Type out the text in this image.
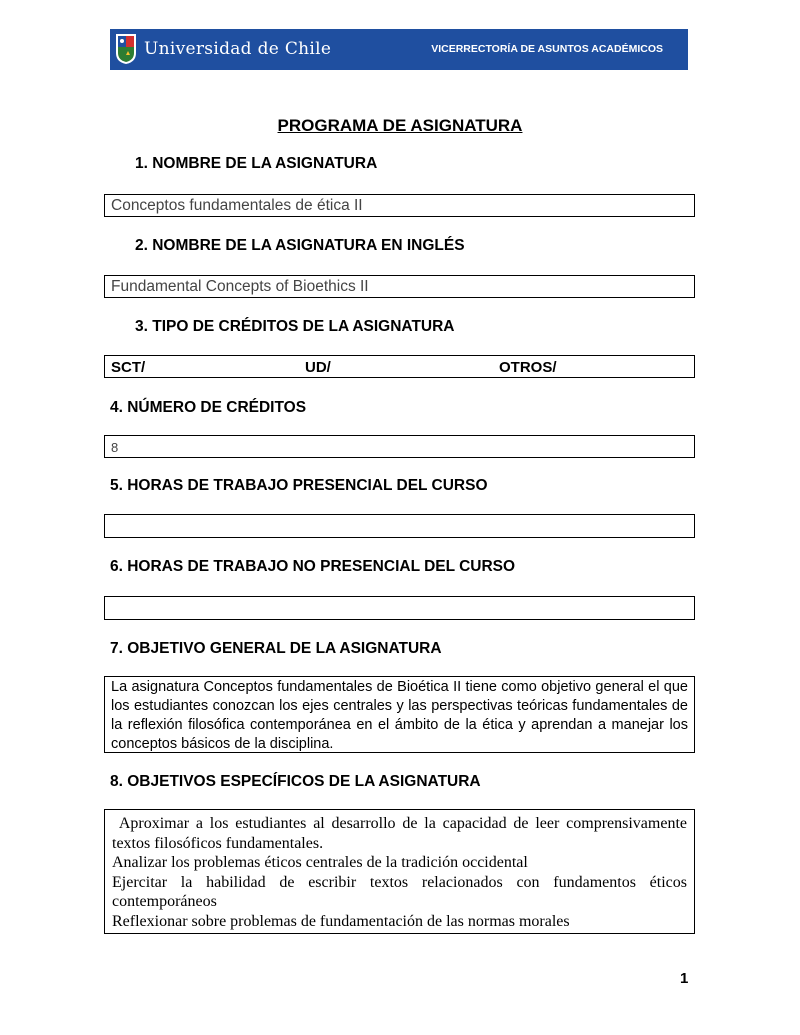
Universidad de Chile	VICERRECTORÍA DE ASUNTOS ACADÉMICOS
PROGRAMA DE ASIGNATURA
1. NOMBRE DE LA ASIGNATURA
Conceptos fundamentales de ética II
2. NOMBRE DE LA ASIGNATURA EN INGLÉS
Fundamental Concepts of Bioethics II
3. TIPO DE CRÉDITOS DE LA ASIGNATURA
SCT/	UD/	OTROS/
4. NÚMERO DE CRÉDITOS
8
5. HORAS DE TRABAJO PRESENCIAL DEL CURSO
6. HORAS DE TRABAJO NO PRESENCIAL DEL CURSO
7. OBJETIVO GENERAL DE LA ASIGNATURA
La asignatura Conceptos fundamentales de Bioética II tiene como objetivo general el que los estudiantes conozcan los ejes centrales y las perspectivas teóricas fundamentales de la reflexión filosófica contemporánea en el ámbito de la ética y aprendan a manejar los conceptos básicos de la disciplina.
8. OBJETIVOS ESPECÍFICOS DE LA ASIGNATURA
Aproximar a los estudiantes al desarrollo de la capacidad de leer comprensivamente textos filosóficos fundamentales.
Analizar los problemas éticos centrales de la tradición occidental
Ejercitar la habilidad de escribir textos relacionados con fundamentos éticos contemporáneos
Reflexionar sobre problemas de fundamentación de las normas morales
1
